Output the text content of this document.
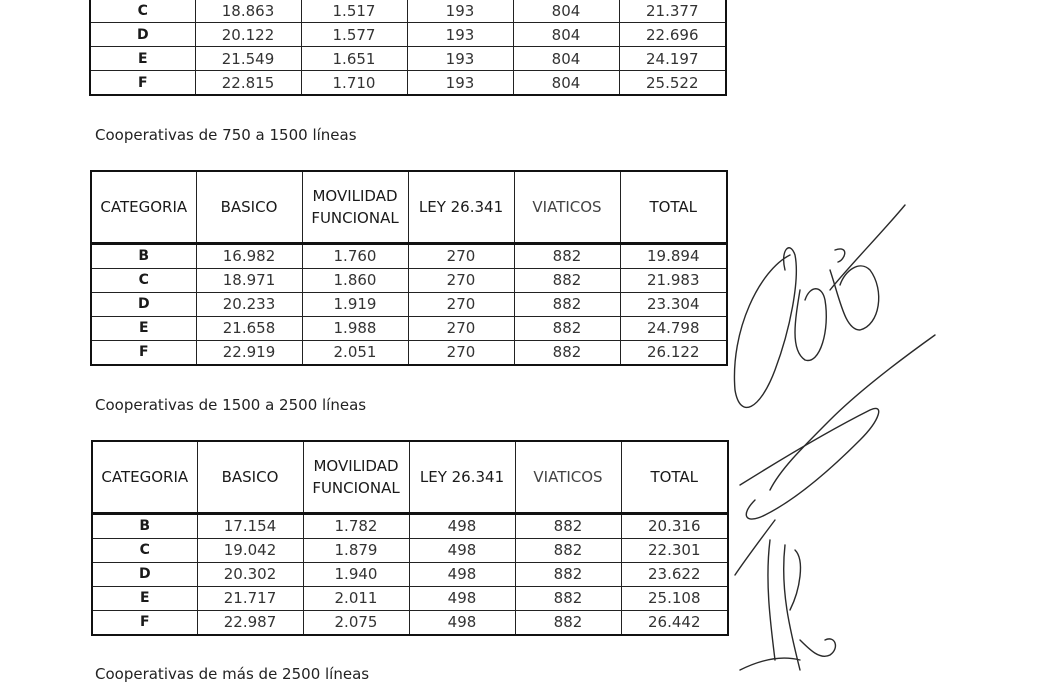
C	18.863	1.517	193	804	21.377
D	20.122	1.577	193	804	22.696
E	21.549	1.651	193	804	24.197
F	22.815	1.710	193	804	25.522
Cooperativas de 750 a 1500 líneas
CATEGORIA	BASICO	MOVILIDAD FUNCIONAL	LEY 26.341	VIATICOS	TOTAL
B	16.982	1.760	270	882	19.894
C	18.971	1.860	270	882	21.983
D	20.233	1.919	270	882	23.304
E	21.658	1.988	270	882	24.798
F	22.919	2.051	270	882	26.122
Cooperativas de 1500 a 2500 líneas
CATEGORIA	BASICO	MOVILIDAD FUNCIONAL	LEY 26.341	VIATICOS	TOTAL
B	17.154	1.782	498	882	20.316
C	19.042	1.879	498	882	22.301
D	20.302	1.940	498	882	23.622
E	21.717	2.011	498	882	25.108
F	22.987	2.075	498	882	26.442
Cooperativas de más de 2500 líneas
